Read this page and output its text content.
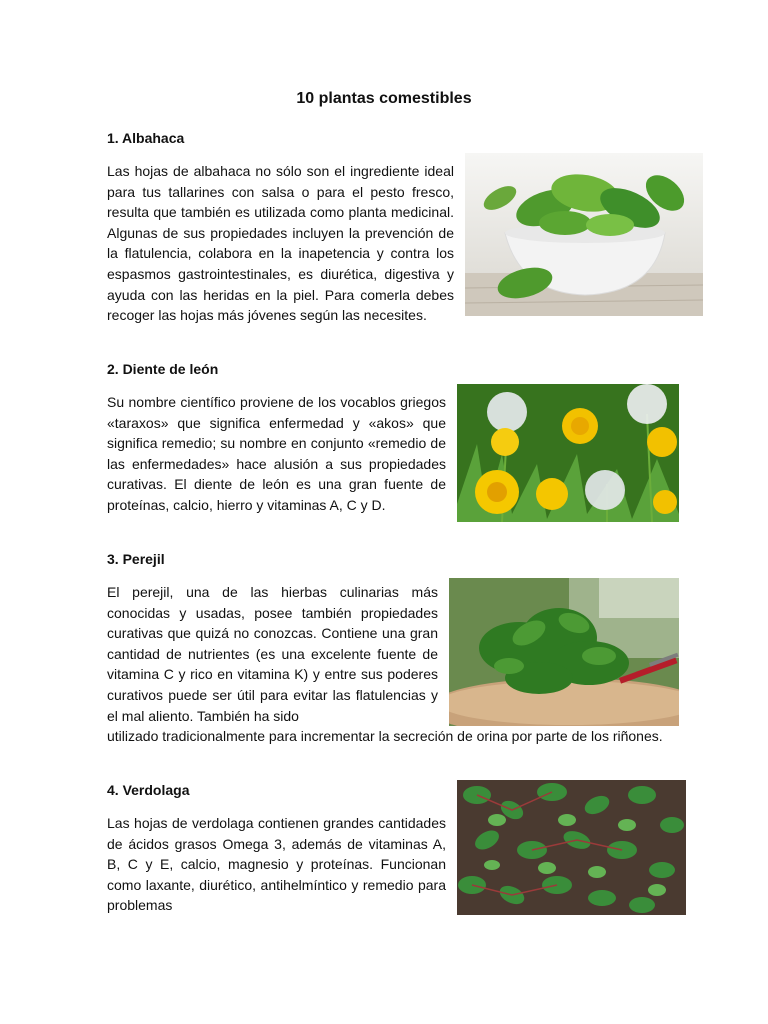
10 plantas comestibles
1. Albahaca

Las hojas de albahaca no sólo son el ingrediente ideal para tus tallarines con salsa o para el pesto fresco, resulta que también es utilizada como planta medicinal. Algunas de sus propiedades incluyen la prevención de la flatulencia, colabora en la inapetencia y contra los espasmos gastrointestinales, es diurética, digestiva y ayuda con las heridas en la piel. Para comerla debes recoger las hojas más jóvenes según las necesites.

2. Diente de león

Su nombre científico proviene de los vocablos griegos «taraxos» que significa enfermedad y «akos» que significa remedio; su nombre en conjunto «remedio de las enfermedades» hace alusión a sus propiedades curativas. El diente de león es una gran fuente de proteínas, calcio, hierro y vitaminas A, C y D.

3. Perejil

El perejil, una de las hierbas culinarias más conocidas y usadas, posee también propiedades curativas que quizá no conozcas. Contiene una gran cantidad de nutrientes (es una excelente fuente de vitamina C y rico en vitamina K) y entre sus poderes curativos puede ser útil para evitar las flatulencias y el mal aliento. También ha sido

utilizado tradicionalmente para incrementar la secreción de orina por parte de los riñones.

4. Verdolaga

Las hojas de verdolaga contienen grandes cantidades de ácidos grasos Omega 3, además de vitaminas A, B, C y E, calcio, magnesio y proteínas. Funcionan como laxante, diurético, antihelmíntico y remedio para problemas
